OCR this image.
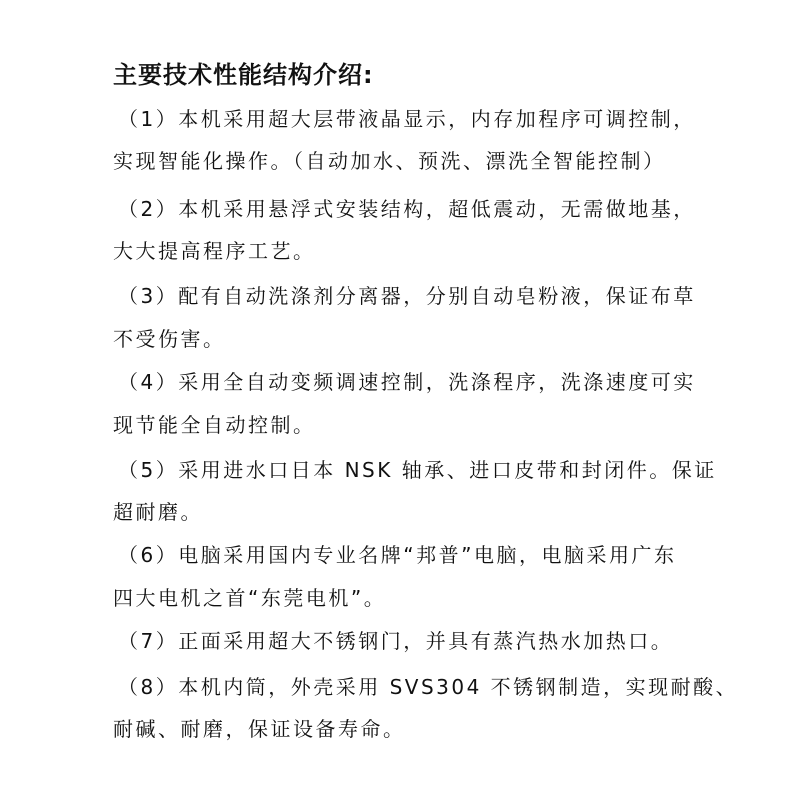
主要技术性能结构介绍:
（1）本机采用超大层带液晶显示，内存加程序可调控制，
实现智能化操作。（自动加水、预洗、漂洗全智能控制）
（2）本机采用悬浮式安装结构，超低震动，无需做地基，
大大提高程序工艺。
（3）配有自动洗涤剂分离器，分别自动皂粉液，保证布草
不受伤害。
（4）采用全自动变频调速控制，洗涤程序，洗涤速度可实
现节能全自动控制。
（5）采用进水口日本 NSK 轴承、进口皮带和封闭件。保证
超耐磨。
（6）电脑采用国内专业名牌“邦普”电脑，电脑采用广东
四大电机之首“东莞电机”。
（7）正面采用超大不锈钢门，并具有蒸汽热水加热口。
（8）本机内筒，外壳采用 SVS304 不锈钢制造，实现耐酸、
耐碱、耐磨，保证设备寿命。
